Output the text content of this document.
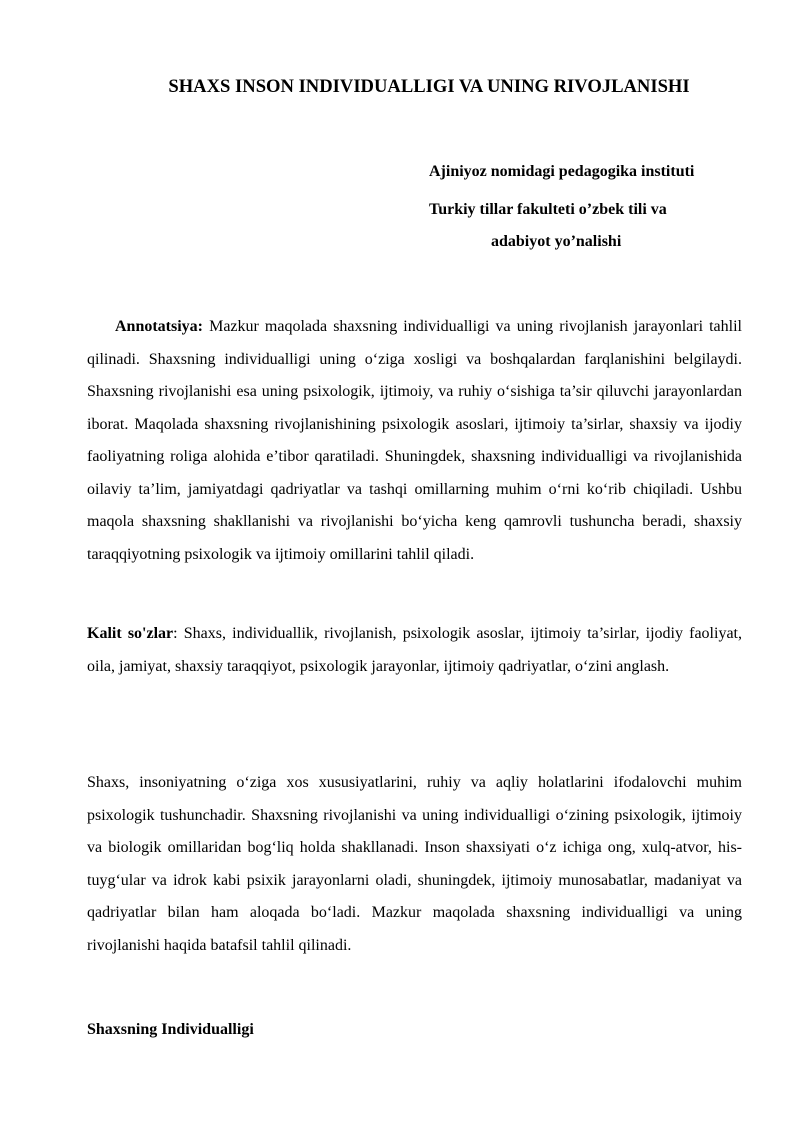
SHAXS INSON INDIVIDUALLIGI VA UNING RIVOJLANISHI
Ajiniyoz nomidagi pedagogika instituti
Turkiy tillar fakulteti o’zbek tili va
adabiyot yo’nalishi

Annotatsiya: Mazkur maqolada shaxsning individualligi va uning rivojlanish jarayonlari tahlil qilinadi. Shaxsning individualligi uning o‘ziga xosligi va boshqalardan farqlanishini belgilaydi. Shaxsning rivojlanishi esa uning psixologik, ijtimoiy, va ruhiy o‘sishiga ta’sir qiluvchi jarayonlardan iborat. Maqolada shaxsning rivojlanishining psixologik asoslari, ijtimoiy ta’sirlar, shaxsiy va ijodiy faoliyatning roliga alohida e’tibor qaratiladi. Shuningdek, shaxsning individualligi va rivojlanishida oilaviy ta’lim, jamiyatdagi qadriyatlar va tashqi omillarning muhim o‘rni ko‘rib chiqiladi. Ushbu maqola shaxsning shakllanishi va rivojlanishi bo‘yicha keng qamrovli tushuncha beradi, shaxsiy taraqqiyotning psixologik va ijtimoiy omillarini tahlil qiladi.

Kalit so'zlar: Shaxs, individuallik, rivojlanish, psixologik asoslar, ijtimoiy ta’sirlar, ijodiy faoliyat, oila, jamiyat, shaxsiy taraqqiyot, psixologik jarayonlar, ijtimoiy qadriyatlar, o‘zini anglash.

Shaxs, insoniyatning o‘ziga xos xususiyatlarini, ruhiy va aqliy holatlarini ifodalovchi muhim psixologik tushunchadir. Shaxsning rivojlanishi va uning individualligi o‘zining psixologik, ijtimoiy va biologik omillaridan bog‘liq holda shakllanadi. Inson shaxsiyati o‘z ichiga ong, xulq-atvor, his-tuyg‘ular va idrok kabi psixik jarayonlarni oladi, shuningdek, ijtimoiy munosabatlar, madaniyat va qadriyatlar bilan ham aloqada bo‘ladi. Mazkur maqolada shaxsning individualligi va uning rivojlanishi haqida batafsil tahlil qilinadi.

Shaxsning Individualligi
